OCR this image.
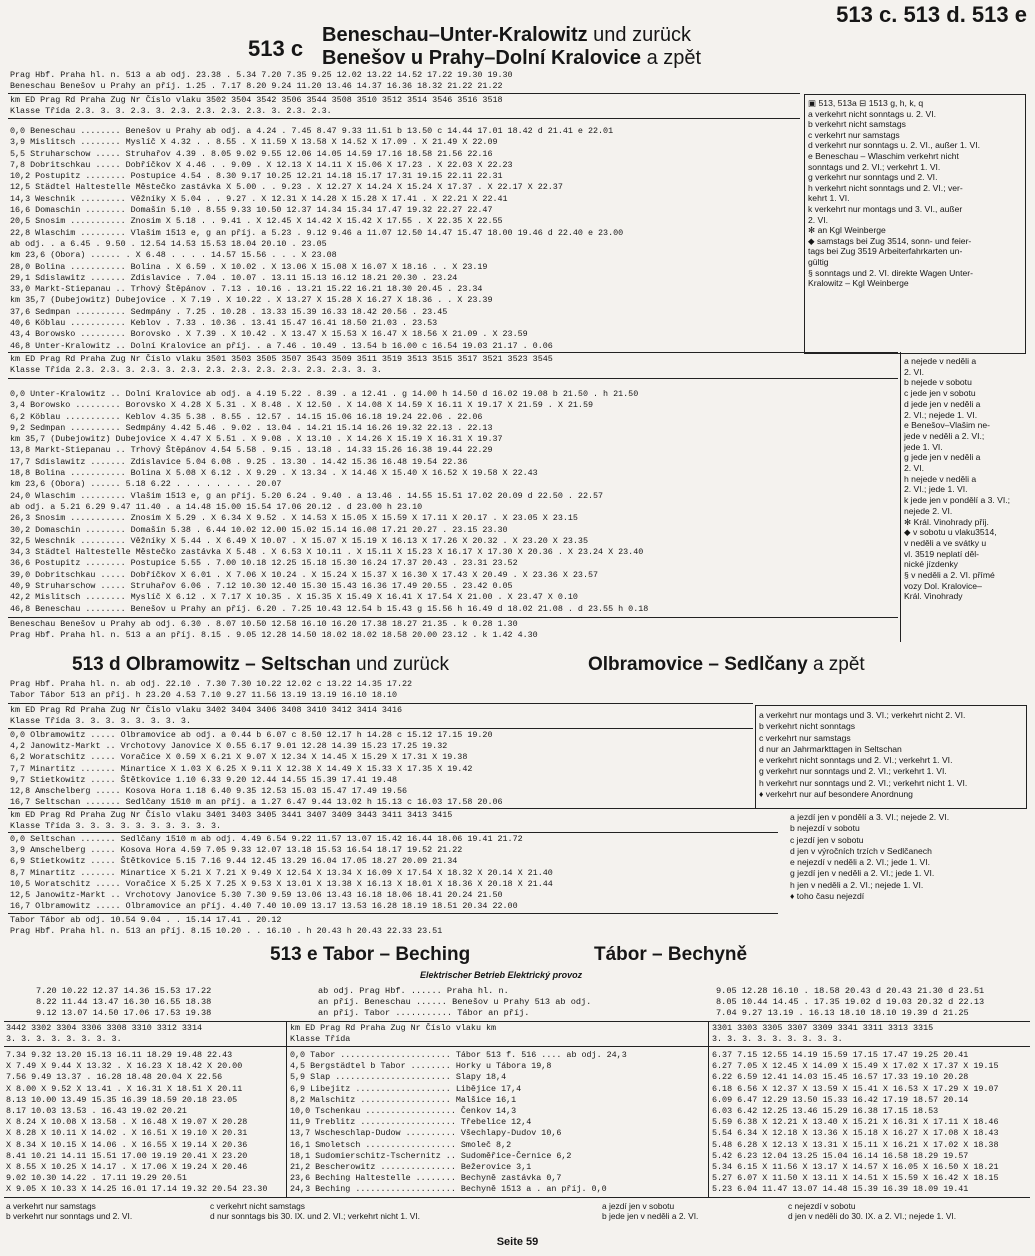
513 c. 513 d. 513 e
513 c
Beneschau–Unter-Kralowitz und zurück
Benešov u Prahy–Dolní Kralovice a zpět
Prag Hbf. Praha hl. n. 513 a ab odj. 23.38 . 5.34 7.20 7.35 9.25 12.02 13.22 14.52 17.22 19.30 19.30
Beneschau Benešov u Prahy an příj. 1.25 . 7.17 8.20 9.24 11.20 13.46 14.37 16.36 18.32 21.22 21.22
km ED Prag Rd Praha Zug Nr Číslo vlaku 3502 3504 3542 3506 3544 3508 3510 3512 3514 3546 3516 3518
Klasse Třída 2.3. 3. 3. 2.3. 3. 2.3. 2.3. 2.3. 2.3. 3. 2.3. 2.3.
0,0 Beneschau ........ Benešov u Prahy ab odj. a 4.24 . 7.45 8.47 9.33 11.51 b 13.50 c 14.44 17.01 18.42 d 21.41 e 22.01
3,9 Mislitsch ........ Myslíč X 4.32 . . 8.55 . X 11.59 X 13.58 X 14.52 X 17.09 . X 21.49 X 22.09
5,5 Struharschow ..... Struhařov 4.39 . 8.05 9.02 9.55 12.06 14.05 14.59 17.16 18.58 21.56 22.16
7,8 Dobritschkau ..... Dobříčkov X 4.46 . . 9.09 . X 12.13 X 14.11 X 15.06 X 17.23 . X 22.03 X 22.23
10,2 Postupitz ........ Postupice 4.54 . 8.30 9.17 10.25 12.21 14.18 15.17 17.31 19.15 22.11 22.31
12,5 Städtel Haltestelle Městečko zastávka X 5.00 . . 9.23 . X 12.27 X 14.24 X 15.24 X 17.37 . X 22.17 X 22.37
14,3 Weschnik ......... Věžníky X 5.04 . . 9.27 . X 12.31 X 14.28 X 15.28 X 17.41 . X 22.21 X 22.41
16,6 Domaschin ........ Domašín 5.10 . 8.55 9.33 10.50 12.37 14.34 15.34 17.47 19.32 22.27 22.47
20,5 Snosim ........... Znosim X 5.18 . . 9.41 . X 12.45 X 14.42 X 15.42 X 17.55 . X 22.35 X 22.55
22,8 Wlaschim ......... Vlašim 1513 e, g an příj. a 5.23 . 9.12 9.46 a 11.07 12.50 14.47 15.47 18.00 19.46 d 22.40 e 23.00
ab odj. . a 6.45 . 9.50 . 12.54 14.53 15.53 18.04 20.10 . 23.05
km 23,6 (Obora) ...... . X 6.48 . . . . 14.57 15.56 . . . X 23.08
28,0 Bolina ........... Bolina . X 6.59 . X 10.02 . X 13.06 X 15.08 X 16.07 X 18.16 . . X 23.19
29,1 Sdislawitz ....... Zdislavice . 7.04 . 10.07 . 13.11 15.13 16.12 18.21 20.30 . 23.24
33,0 Markt-Stiepanau .. Trhový Štěpánov . 7.13 . 10.16 . 13.21 15.22 16.21 18.30 20.45 . 23.34
km 35,7 (Dubejowitz) Dubejovice . X 7.19 . X 10.22 . X 13.27 X 15.28 X 16.27 X 18.36 . . X 23.39
37,6 Sedmpan .......... Sedmpány . 7.25 . 10.28 . 13.33 15.39 16.33 18.42 20.56 . 23.45
40,6 Köblau ........... Keblov . 7.33 . 10.36 . 13.41 15.47 16.41 18.50 21.03 . 23.53
43,4 Borowsko ......... Borovsko . X 7.39 . X 10.42 . X 13.47 X 15.53 X 16.47 X 18.56 X 21.09 . X 23.59
46,8 Unter-Kralowitz .. Dolní Kralovice an příj. . a 7.46 . 10.49 . 13.54 b 16.00 c 16.54 19.03 21.17 . 0.06
▣ 513, 513a ⊟ 1513 g, h, k, q
a verkehrt nicht sonntags u. 2. VI.
b verkehrt nicht samstags
c verkehrt nur samstags
d verkehrt nur sonntags u. 2. VI., außer 1. VI.
e Beneschau – Wlaschim verkehrt nicht
sonntags und 2. VI.; verkehrt 1. VI.
g verkehrt nur sonntags und 2. VI.
h verkehrt nicht sonntags und 2. VI.; ver-
kehrt 1. VI.
k verkehrt nur montags und 3. VI., außer
2. VI.
✻ an Kgl Weinberge
◆ samstags bei Zug 3514, sonn- und feier-
tags bei Zug 3519 Arbeiterfahrkarten un-
gültig
§ sonntags und 2. VI. direkte Wagen Unter-
Kralowitz – Kgl Weinberge
km ED Prag Rd Praha Zug Nr Číslo vlaku 3501 3503 3505 3507 3543 3509 3511 3519 3513 3515 3517 3521 3523 3545
Klasse Třída 2.3. 2.3. 3. 2.3. 3. 2.3. 2.3. 2.3. 2.3. 2.3. 2.3. 2.3. 3. 3.
0,0 Unter-Kralowitz .. Dolní Kralovice ab odj. a 4.19 5.22 . 8.39 . a 12.41 . g 14.00 h 14.50 d 16.02 19.08 b 21.50 . h 21.50
3,4 Borowsko ......... Borovsko X 4.28 X 5.31 . X 8.48 . X 12.50 . X 14.08 X 14.59 X 16.11 X 19.17 X 21.59 . X 21.59
6,2 Köblau ........... Keblov 4.35 5.38 . 8.55 . 12.57 . 14.15 15.06 16.18 19.24 22.06 . 22.06
9,2 Sedmpan .......... Sedmpány 4.42 5.46 . 9.02 . 13.04 . 14.21 15.14 16.26 19.32 22.13 . 22.13
km 35,7 (Dubejowitz) Dubejovice X 4.47 X 5.51 . X 9.08 . X 13.10 . X 14.26 X 15.19 X 16.31 X 19.37
13,8 Markt-Stiepanau .. Trhový Štěpánov 4.54 5.58 . 9.15 . 13.18 . 14.33 15.26 16.38 19.44 22.29
17,7 Sdislawitz ....... Zdislavice 5.04 6.08 . 9.25 . 13.30 . 14.42 15.36 16.48 19.54 22.36
18,8 Bolina ........... Bolina X 5.08 X 6.12 . X 9.29 . X 13.34 . X 14.46 X 15.40 X 16.52 X 19.58 X 22.43
km 23,6 (Obora) ...... 5.18 6.22 . . . . . . . . 20.07
24,0 Wlaschim ......... Vlašim 1513 e, g an příj. 5.20 6.24 . 9.40 . a 13.46 . 14.55 15.51 17.02 20.09 d 22.50 . 22.57
ab odj. a 5.21 6.29 9.47 11.40 . a 14.48 15.00 15.54 17.06 20.12 . d 23.00 h 23.10
26,3 Snosim ........... Znosim X 5.29 . X 6.34 X 9.52 . X 14.53 X 15.05 X 15.59 X 17.11 X 20.17 . X 23.05 X 23.15
30,2 Domaschin ........ Domašín 5.38 . 6.44 10.02 12.00 15.02 15.14 16.08 17.21 20.27 . 23.15 23.30
32,5 Weschnik ......... Věžníky X 5.44 . X 6.49 X 10.07 . X 15.07 X 15.19 X 16.13 X 17.26 X 20.32 . X 23.20 X 23.35
34,3 Städtel Haltestelle Městečko zastávka X 5.48 . X 6.53 X 10.11 . X 15.11 X 15.23 X 16.17 X 17.30 X 20.36 . X 23.24 X 23.40
36,6 Postupitz ........ Postupice 5.55 . 7.00 10.18 12.25 15.18 15.30 16.24 17.37 20.43 . 23.31 23.52
39,0 Dobritschkau ..... Dobříčkov X 6.01 . X 7.06 X 10.24 . X 15.24 X 15.37 X 16.30 X 17.43 X 20.49 . X 23.36 X 23.57
40,9 Struharschow ..... Struhařov 6.06 . 7.12 10.30 12.40 15.30 15.43 16.36 17.49 20.55 . 23.42 0.05
42,2 Mislitsch ........ Myslíč X 6.12 . X 7.17 X 10.35 . X 15.35 X 15.49 X 16.41 X 17.54 X 21.00 . X 23.47 X 0.10
46,8 Beneschau ........ Benešov u Prahy an příj. 6.20 . 7.25 10.43 12.54 b 15.43 g 15.56 h 16.49 d 18.02 21.08 . d 23.55 h 0.18
Beneschau Benešov u Prahy ab odj. 6.30 . 8.07 10.50 12.58 16.10 16.20 17.38 18.27 21.35 . k 0.28 1.30
Prag Hbf. Praha hl. n. 513 a an příj. 8.15 . 9.05 12.28 14.50 18.02 18.02 18.58 20.00 23.12 . k 1.42 4.30
a nejede v neděli a
2. VI.
b nejede v sobotu
c jede jen v sobotu
d jede jen v neděli a
2. VI.; nejede 1. VI.
e Benešov–Vlašim ne-
jede v neděli a 2. VI.;
jede 1. VI.
g jede jen v neděli a
2. VI.
h nejede v neděli a
2. VI.; jede 1. VI.
k jede jen v pondělí a 3. VI.;
nejede 2. VI.
✻ Král. Vinohrady příj.
◆ v sobotu u vlaku3514,
v neděli a ve svátky u
vl. 3519 neplatí děl-
nické jízdenky
§ v neděli a 2. VI. přímé
vozy Dol. Kralovice–
Král. Vinohrady
513 d Olbramowitz – Seltschan und zurück	Olbramovice – Sedlčany a zpět
Prag Hbf. Praha hl. n. ab odj. 22.10 . 7.30 7.30 10.22 12.02 c 13.22 14.35 17.22
Tabor Tábor 513 an příj. h 23.20 4.53 7.10 9.27 11.56 13.19 13.19 16.10 18.10
km ED Prag Rd Praha Zug Nr Číslo vlaku 3402 3404 3406 3408 3410 3412 3414 3416
Klasse Třída 3. 3. 3. 3. 3. 3. 3. 3.
0,0 Olbramowitz ..... Olbramovice ab odj. a 0.44 b 6.07 c 8.50 12.17 h 14.28 c 15.12 17.15 19.20
4,2 Janowitz-Markt .. Vrchotovy Janovice X 0.55 6.17 9.01 12.28 14.39 15.23 17.25 19.32
6,2 Woratschitz ..... Voračice X 0.59 X 6.21 X 9.07 X 12.34 X 14.45 X 15.29 X 17.31 X 19.38
7,7 Minartitz ....... Minartice X 1.03 X 6.25 X 9.11 X 12.38 X 14.49 X 15.33 X 17.35 X 19.42
9,7 Stietkowitz ..... Štětkovice 1.10 6.33 9.20 12.44 14.55 15.39 17.41 19.48
12,8 Amschelberg ..... Kosova Hora 1.18 6.40 9.35 12.53 15.03 15.47 17.49 19.56
16,7 Seltschan ....... Sedlčany 1510 m an příj. a 1.27 6.47 9.44 13.02 h 15.13 c 16.03 17.58 20.06
a verkehrt nur montags und 3. VI.; verkehrt nicht 2. VI.
b verkehrt nicht sonntags
c verkehrt nur samstags
d nur an Jahrmarkttagen in Seltschan
e verkehrt nicht sonntags und 2. VI.; verkehrt 1. VI.
g verkehrt nur sonntags und 2. VI.; verkehrt 1. VI.
h verkehrt nur sonntags und 2. VI.; verkehrt nicht 1. VI.
♦ verkehrt nur auf besondere Anordnung
km ED Prag Rd Praha Zug Nr Číslo vlaku 3401 3403 3405 3441 3407 3409 3443 3411 3413 3415
Klasse Třída 3. 3. 3. 3. 3. 3. 3. 3. 3. 3.
0,0 Seltschan ....... Sedlčany 1510 m ab odj. 4.49 6.54 9.22 11.57 13.07 15.42 16.44 18.06 19.41 21.72
3,9 Amschelberg ..... Kosova Hora 4.59 7.05 9.33 12.07 13.18 15.53 16.54 18.17 19.52 21.22
6,9 Stietkowitz ..... Štětkovice 5.15 7.16 9.44 12.45 13.29 16.04 17.05 18.27 20.09 21.34
8,7 Minartitz ....... Minartice X 5.21 X 7.21 X 9.49 X 12.54 X 13.34 X 16.09 X 17.54 X 18.32 X 20.14 X 21.40
10,5 Woratschitz ..... Voračice X 5.25 X 7.25 X 9.53 X 13.01 X 13.38 X 16.13 X 18.01 X 18.36 X 20.18 X 21.44
12,5 Janowitz-Markt .. Vrchotovy Janovice 5.30 7.30 9.59 13.06 13.43 16.18 18.06 18.41 20.24 21.50
16,7 Olbramowitz ..... Olbramovice an příj. 4.40 7.40 10.09 13.17 13.53 16.28 18.19 18.51 20.34 22.00
Tabor Tábor ab odj. 10.54 9.04 . . 15.14 17.41 . 20.12
Prag Hbf. Praha hl. n. 513 an příj. 8.15 10.20 . . 16.10 . h 20.43 h 20.43 22.33 23.51
a jezdí jen v pondělí a 3. VI.; nejede 2. VI.
b nejezdí v sobotu
c jezdí jen v sobotu
d jen v výročních trzích v Sedlčanech
e nejezdí v neděli a 2. VI.; jede 1. VI.
g jezdí jen v neděli a 2. VI.; jede 1. VI.
h jen v neděli a 2. VI.; nejede 1. VI.
♦ toho času nejezdí
513 e Tabor – Beching	Tábor – Bechyně
Elektrischer Betrieb Elektrický provoz
7.20 10.22 12.37 14.36 15.53 17.22
8.22 11.44 13.47 16.30 16.55 18.38
9.12 13.07 14.50 17.06 17.53 19.38
ab odj. Prag Hbf. ...... Praha hl. n.
an příj. Beneschau ...... Benešov u Prahy 513 ab odj.
an příj. Tabor ........... Tábor an příj.
9.05 12.28 16.10 . 18.58 20.43 d 20.43 21.30 d 23.51
8.05 10.44 14.45 . 17.35 19.02 d 19.03 20.32 d 22.13
7.04 9.27 13.19 . 16.13 18.10 18.10 19.39 d 21.25
3442 3302 3304 3306 3308 3310 3312 3314
3. 3. 3. 3. 3. 3. 3. 3.
km ED Prag Rd Praha Zug Nr Číslo vlaku km
Klasse Třída
3301 3303 3305 3307 3309 3341 3311 3313 3315
3. 3. 3. 3. 3. 3. 3. 3. 3.
7.34 9.32 13.20 15.13 16.11 18.29 19.48 22.43
X 7.49 X 9.44 X 13.32 . X 16.23 X 18.42 X 20.00
7.56 9.49 13.37 . 16.28 18.48 20.04 X 22.56
X 8.00 X 9.52 X 13.41 . X 16.31 X 18.51 X 20.11
8.13 10.00 13.49 15.35 16.39 18.59 20.18 23.05
8.17 10.03 13.53 . 16.43 19.02 20.21
X 8.24 X 10.08 X 13.58 . X 16.48 X 19.07 X 20.28
X 8.28 X 10.11 X 14.02 . X 16.51 X 19.10 X 20.31
X 8.34 X 10.15 X 14.06 . X 16.55 X 19.14 X 20.36
8.41 10.21 14.11 15.51 17.00 19.19 20.41 X 23.20
X 8.55 X 10.25 X 14.17 . X 17.06 X 19.24 X 20.46
9.02 10.30 14.22 . 17.11 19.29 20.51
X 9.05 X 10.33 X 14.25 16.01 17.14 19.32 20.54 23.30
0,0 Tabor ...................... Tábor 513 f. 516 .... ab odj. 24,3
4,5 Bergstädtel b Tabor ........ Horky u Tábora 19,8
5,9 Slap ....................... Slapy 18,4
6,9 Libejitz ................... Libějice 17,4
8,2 Malschitz .................. Malšice 16,1
10,0 Tschenkau .................. Čenkov 14,3
11,9 Treblitz ................... Třebelice 12,4
13,7 Wscheschlap-Dudow .......... Všechlapy-Dudov 10,6
16,1 Smoletsch .................. Smoleč 8,2
18,1 Sudomierschitz-Tschernitz .. Sudoměřice-Černice 6,2
21,2 Bescherowitz ............... Bežerovice 3,1
23,6 Beching Haltestelle ........ Bechyně zastávka 0,7
24,3 Beching .................... Bechyně 1513 a . an příj. 0,0
6.37 7.15 12.55 14.19 15.59 17.15 17.47 19.25 20.41
6.27 7.05 X 12.45 X 14.09 X 15.49 X 17.02 X 17.37 X 19.15
6.22 6.59 12.41 14.03 15.45 16.57 17.33 19.10 20.28
6.18 6.56 X 12.37 X 13.59 X 15.41 X 16.53 X 17.29 X 19.07
6.09 6.47 12.29 13.50 15.33 16.42 17.19 18.57 20.14
6.03 6.42 12.25 13.46 15.29 16.38 17.15 18.53
5.59 6.38 X 12.21 X 13.40 X 15.21 X 16.31 X 17.11 X 18.46
5.54 6.34 X 12.18 X 13.36 X 15.18 X 16.27 X 17.08 X 18.43
5.48 6.28 X 12.13 X 13.31 X 15.11 X 16.21 X 17.02 X 18.38
5.42 6.23 12.04 13.25 15.04 16.14 16.58 18.29 19.57
5.34 6.15 X 11.56 X 13.17 X 14.57 X 16.05 X 16.50 X 18.21
5.27 6.07 X 11.50 X 13.11 X 14.51 X 15.59 X 16.42 X 18.15
5.23 6.04 11.47 13.07 14.48 15.39 16.39 18.09 19.41
a verkehrt nur samstags
b verkehrt nur sonntags und 2. VI.
c verkehrt nicht samstags
d nur sonntags bis 30. IX. und 2. VI.; verkehrt nicht 1. VI.
a jezdí jen v sobotu
b jede jen v neděli a 2. VI.
c nejezdí v sobotu
d jen v neděli do 30. IX. a 2. VI.; nejede 1. VI.
Seite 59
